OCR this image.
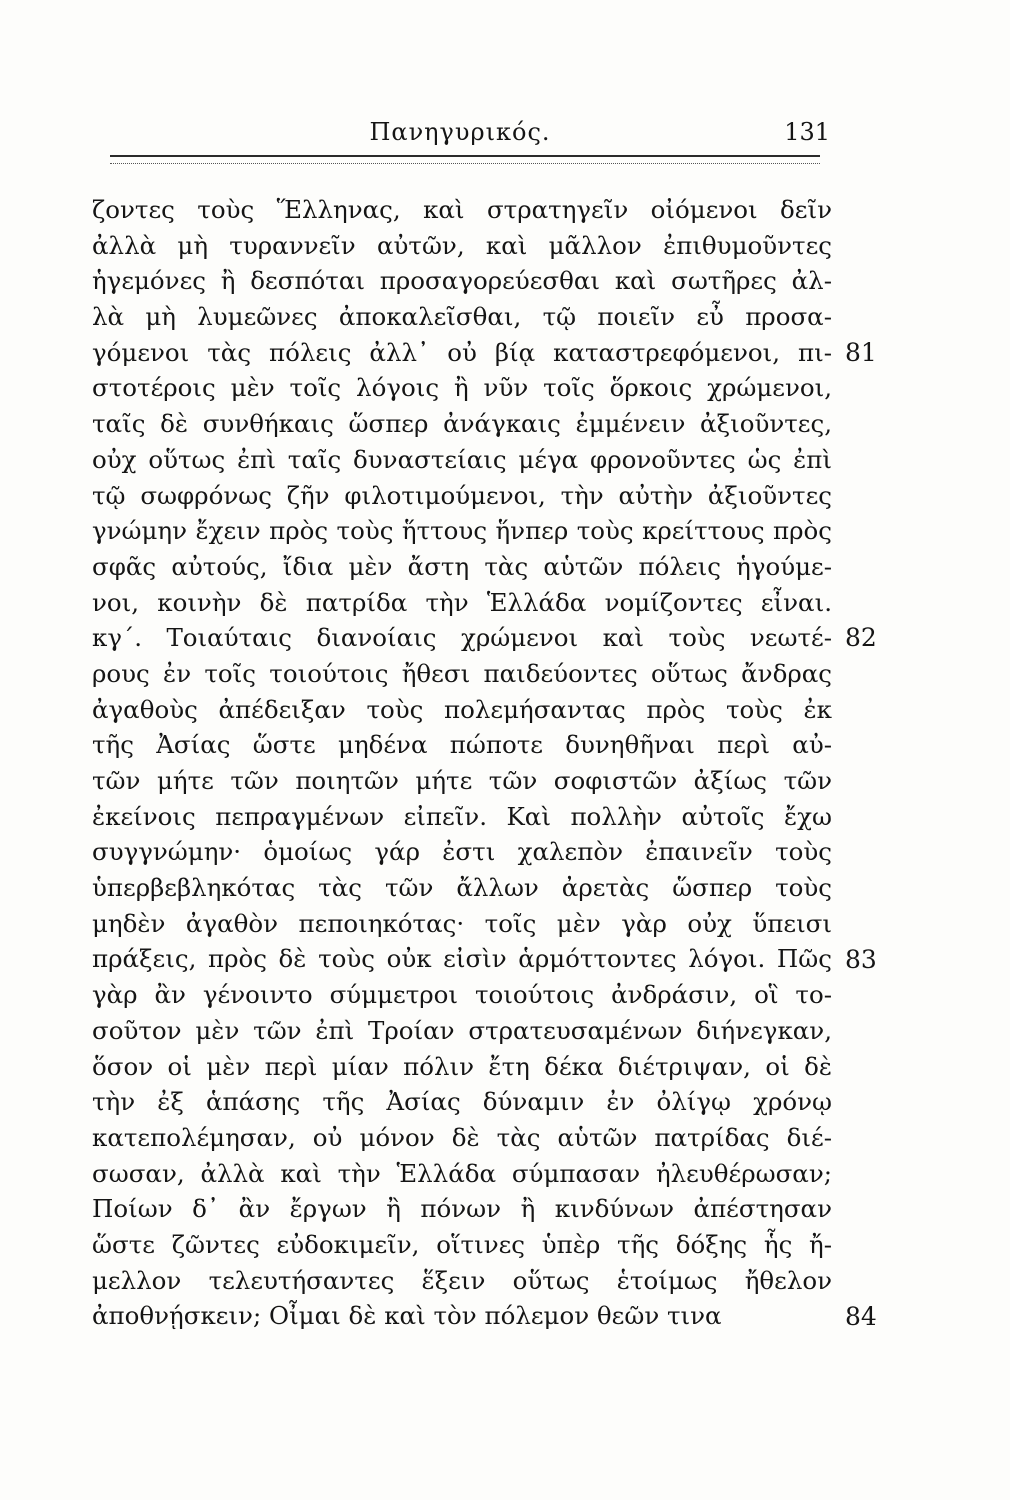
Πανηγυρικός.	131
ζοντες τοὺς Ἕλληνας, καὶ στρατηγεῖν οἰόμενοι δεῖν
ἀλλὰ μὴ τυραννεῖν αὐτῶν, καὶ μᾶλλον ἐπιθυμοῦντες
ἡγεμόνες ἢ δεσπόται προσαγορεύεσθαι καὶ σωτῆρες ἀλ-
λὰ μὴ λυμεῶνες ἀποκαλεῖσθαι, τῷ ποιεῖν εὖ προσα-
γόμενοι τὰς πόλεις ἀλλ᾽ οὐ βίᾳ καταστρεφόμενοι, πι-
στοτέροις μὲν τοῖς λόγοις ἢ νῦν τοῖς ὅρκοις χρώμενοι,
ταῖς δὲ συνθήκαις ὥσπερ ἀνάγκαις ἐμμένειν ἀξιοῦντες,
οὐχ οὕτως ἐπὶ ταῖς δυναστείαις μέγα φρονοῦντες ὡς ἐπὶ
τῷ σωφρόνως ζῆν φιλοτιμούμενοι, τὴν αὐτὴν ἀξιοῦντες
γνώμην ἔχειν πρὸς τοὺς ἥττους ἥνπερ τοὺς κρείττους πρὸς
σφᾶς αὐτούς, ἴδια μὲν ἄστη τὰς αὑτῶν πόλεις ἡγούμε-
νοι, κοινὴν δὲ πατρίδα τὴν Ἑλλάδα νομίζοντες εἶναι.
κγ΄. Τοιαύταις διανοίαις χρώμενοι καὶ τοὺς νεωτέ-
ρους ἐν τοῖς τοιούτοις ἤθεσι παιδεύοντες οὕτως ἄνδρας
ἀγαθοὺς ἀπέδειξαν τοὺς πολεμήσαντας πρὸς τοὺς ἐκ
τῆς Ἀσίας ὥστε μηδένα πώποτε δυνηθῆναι περὶ αὐ-
τῶν μήτε τῶν ποιητῶν μήτε τῶν σοφιστῶν ἀξίως τῶν
ἐκείνοις πεπραγμένων εἰπεῖν. Καὶ πολλὴν αὐτοῖς ἔχω
συγγνώμην· ὁμοίως γάρ ἐστι χαλεπὸν ἐπαινεῖν τοὺς
ὑπερβεβληκότας τὰς τῶν ἄλλων ἀρετὰς ὥσπερ τοὺς
μηδὲν ἀγαθὸν πεποιηκότας· τοῖς μὲν γὰρ οὐχ ὕπεισι
πράξεις, πρὸς δὲ τοὺς οὐκ εἰσὶν ἁρμόττοντες λόγοι. Πῶς
γὰρ ἂν γένοιντο σύμμετροι τοιούτοις ἀνδράσιν, οἳ το-
σοῦτον μὲν τῶν ἐπὶ Τροίαν στρατευσαμένων διήνεγκαν,
ὅσον οἱ μὲν περὶ μίαν πόλιν ἔτη δέκα διέτριψαν, οἱ δὲ
τὴν ἐξ ἁπάσης τῆς Ἀσίας δύναμιν ἐν ὀλίγῳ χρόνῳ
κατεπολέμησαν, οὐ μόνον δὲ τὰς αὑτῶν πατρίδας διέ-
σωσαν, ἀλλὰ καὶ τὴν Ἑλλάδα σύμπασαν ἠλευθέρωσαν;
Ποίων δ᾽ ἂν ἔργων ἢ πόνων ἢ κινδύνων ἀπέστησαν
ὥστε ζῶντες εὐδοκιμεῖν, οἵτινες ὑπὲρ τῆς δόξης ἧς ἤ-
μελλον τελευτήσαντες ἕξειν οὕτως ἑτοίμως ἤθελον
ἀποθνῄσκειν; Οἶμαι δὲ καὶ τὸν πόλεμον θεῶν τινα
81
82
83
84
